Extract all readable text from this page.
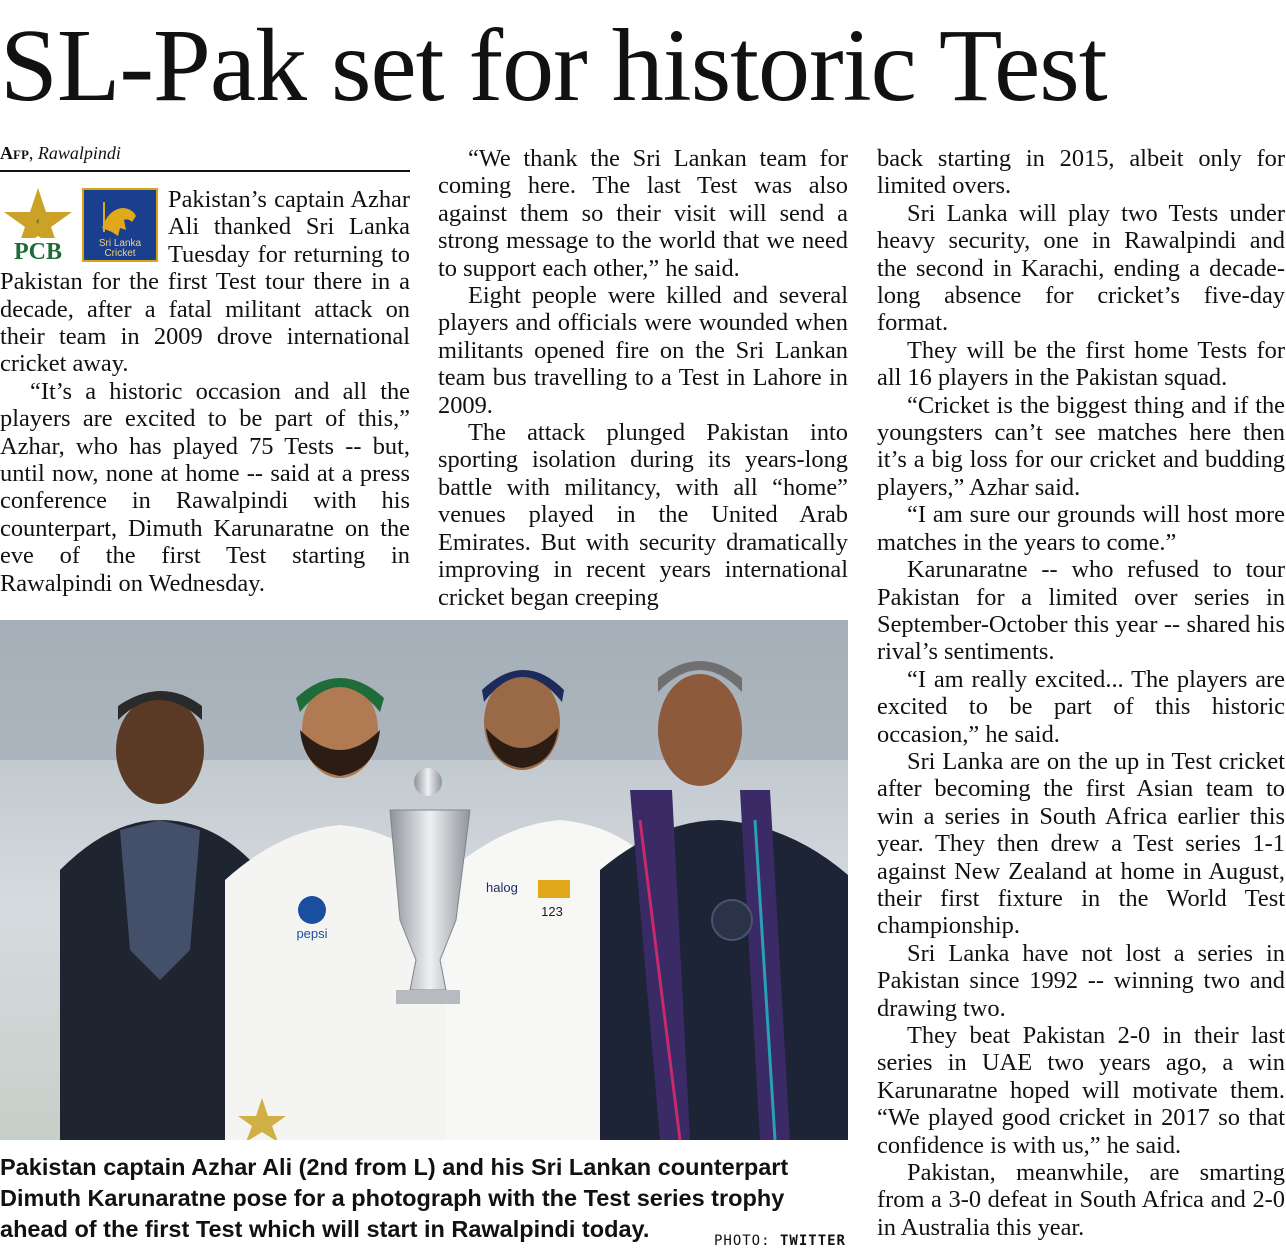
SL-Pak set for historic Test
Afp, Rawalpindi
ﭘ
PCB	Sri Lanka
Cricket

Pakistan’s captain Azhar Ali thanked Sri Lanka Tuesday for returning to Pakistan for the first Test tour there in a decade, after a fatal militant attack on their team in 2009 drove international cricket away.

“It’s a historic occasion and all the players are excited to be part of this,” Azhar, who has played 75 Tests -- but, until now, none at home -- said at a press conference in Rawalpindi with his counterpart, Dimuth Karunaratne on the eve of the first Test starting in Rawalpindi on Wednesday.

“We thank the Sri Lankan team for coming here. The last Test was also against them so their visit will send a strong message to the world that we need to support each other,” he said.

Eight people were killed and several players and officials were wounded when militants opened fire on the Sri Lankan team bus travelling to a Test in Lahore in 2009.

The attack plunged Pakistan into sporting isolation during its years-long battle with militancy, with all “home” venues played in the United Arab Emirates. But with security dramatically improving in recent years international cricket began creeping

back starting in 2015, albeit only for limited overs.

Sri Lanka will play two Tests under heavy security, one in Rawalpindi and the second in Karachi, ending a decade-long absence for cricket’s five-day format.

They will be the first home Tests for all 16 players in the Pakistan squad.

“Cricket is the biggest thing and if the youngsters can’t see matches here then it’s a big loss for our cricket and budding players,” Azhar said.

“I am sure our grounds will host more matches in the years to come.”

Karunaratne -- who refused to tour Pakistan for a limited over series in September-October this year -- shared his rival’s sentiments.

“I am really excited... The players are excited to be part of this historic occasion,” he said.

Sri Lanka are on the up in Test cricket after becoming the first Asian team to win a series in South Africa earlier this year. They then drew a Test series 1-1 against New Zealand at home in August, their first fixture in the World Test championship.

Sri Lanka have not lost a series in Pakistan since 1992 -- winning two and drawing two.

They beat Pakistan 2-0 in their last series in UAE two years ago, a win Karunaratne hoped will motivate them. “We played good cricket in 2017 so that confidence is with us,” he said.

Pakistan, meanwhile, are smarting from a 3-0 defeat in South Africa and 2-0 in Australia this year.

pepsi
halog
123
Pakistan captain Azhar Ali (2nd from L) and his Sri Lankan counterpart Dimuth Karunaratne pose for a photograph with the Test series trophy ahead of the first Test which will start in Rawalpindi today.	PHOTO: TWITTER
